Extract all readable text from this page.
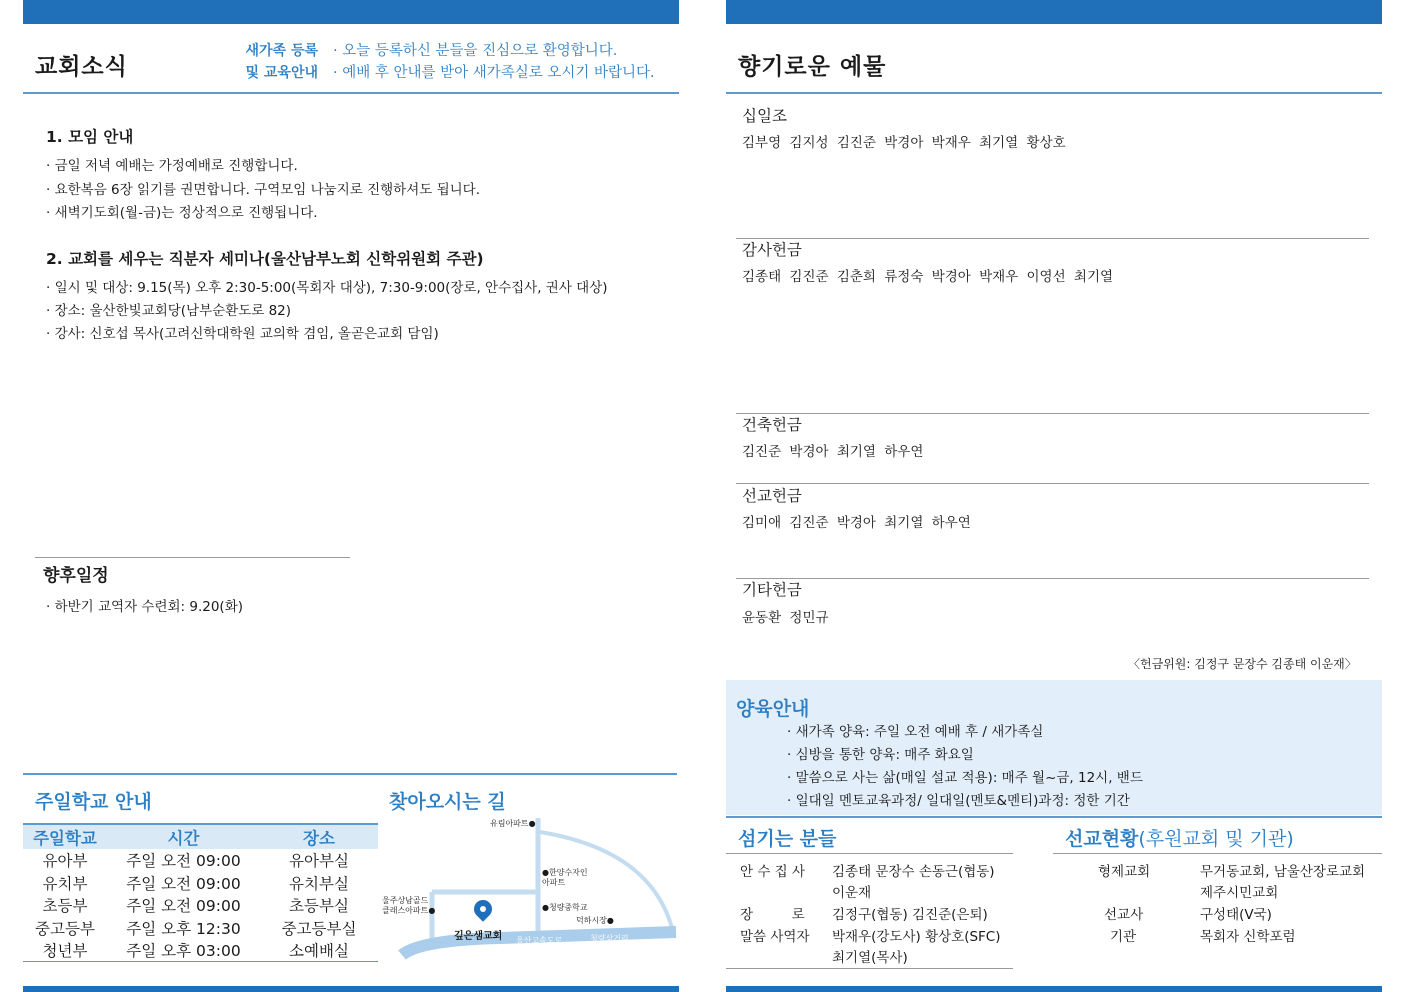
교회소식
새가족 등록
및 교육안내
· 오늘 등록하신 분들을 진심으로 환영합니다.
· 예배 후 안내를 받아 새가족실로 오시기 바랍니다.
1. 모임 안내
· 금일 저녁 예배는 가정예배로 진행합니다.
· 요한복음 6장 읽기를 권면합니다. 구역모임 나눔지로 진행하셔도 됩니다.
· 새벽기도회(월-금)는 정상적으로 진행됩니다.
2. 교회를 세우는 직분자 세미나(울산남부노회 신학위원회 주관)
· 일시 및 대상: 9.15(목) 오후 2:30-5:00(목회자 대상), 7:30-9:00(장로, 안수집사, 권사 대상)
· 장소: 울산한빛교회당(남부순환도로 82)
· 강사: 신호섭 목사(고려신학대학원 교의학 겸임, 올곧은교회 담임)
향후일정
· 하반기 교역자 수련회: 9.20(화)
주일학교 안내
주일학교	시간	장소
유아부	주일 오전 09:00	유아부실
유치부	주일 오전 09:00	유치부실
초등부	주일 오전 09:00	초등부실
중고등부	주일 오후 12:30	중고등부실
청년부	주일 오후 03:00	소예배실
찾아오시는 길
유림아파트●
●한양수자인
아파트
울주상남골드
클래스아파트●	●청량중학교
덕하시장●
깊은샘교회 울산고속도로	청량삼거리
향기로운 예물
십일조
김부영 김지성 김진준 박경아 박재우 최기열 황상호
감사헌금
김종태 김진준 김춘희 류정숙 박경아 박재우 이영선 최기열
건축헌금
김진준 박경아 최기열 하우연
선교헌금
김미애 김진준 박경아 최기열 하우연
기타헌금
윤동환 정민규
〈헌금위원: 김정구 문장수 김종태 이운재〉
양육안내
· 새가족 양육: 주일 오전 예배 후 / 새가족실
· 심방을 통한 양육: 매주 화요일
· 말씀으로 사는 삶(매일 설교 적용): 매주 월~금, 12시, 밴드
· 일대일 멘토교육과정/ 일대일(멘토&멘티)과정: 정한 기간
섬기는 분들
안 수 집 사 김종태 문장수 손동근(협동)
이운재
장         로 김정구(협동) 김진준(은퇴)
말씀 사역자 박재우(강도사) 황상호(SFC)
최기열(목사)
선교현황(후원교회 및 기관)
형제교회	무거동교회, 남울산장로교회
제주시민교회
선교사	구성태(V국)
기관	목회자 신학포럼
